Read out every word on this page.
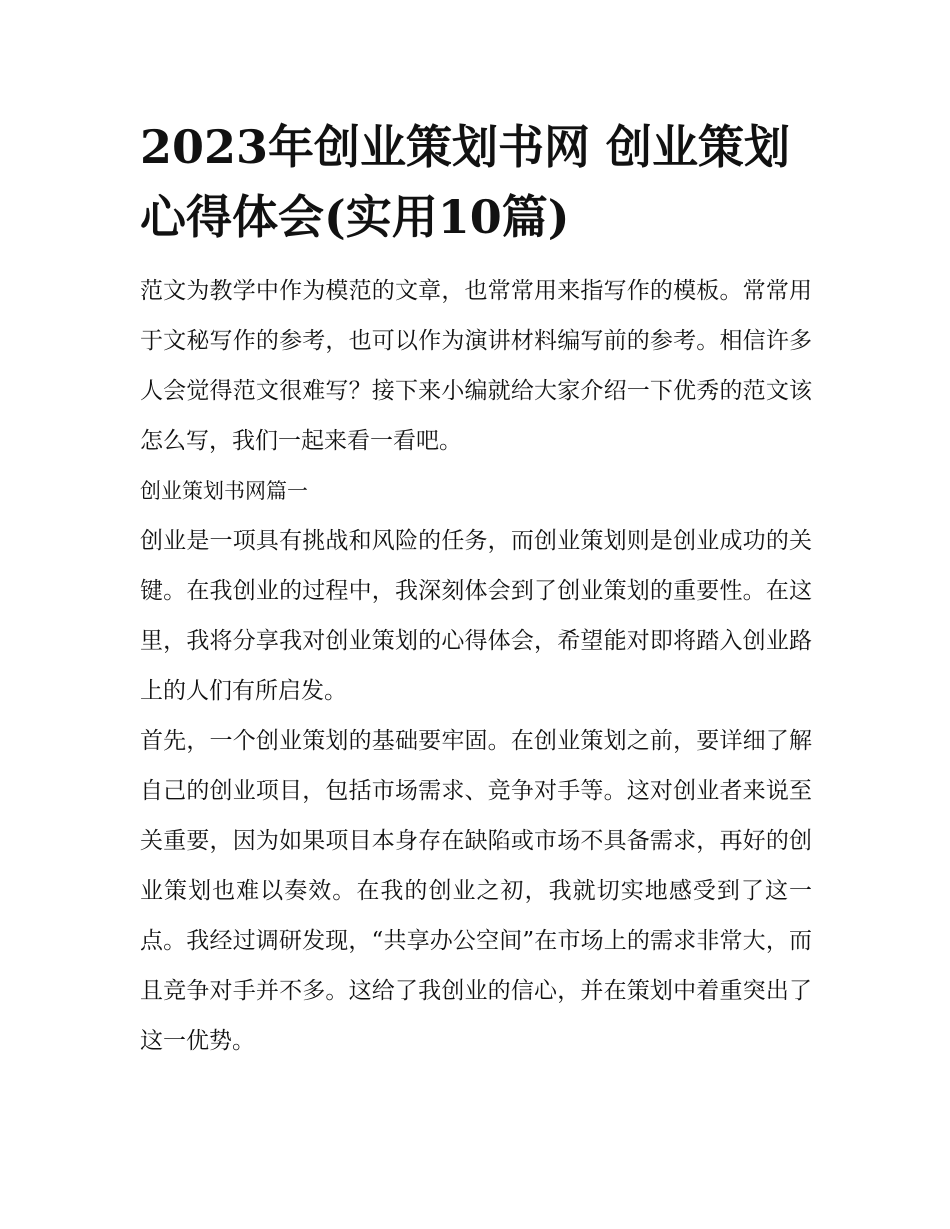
2023年创业策划书网 创业策划心得体会(实用10篇)

范文为教学中作为模范的文章，也常常用来指写作的模板。常常用于文秘写作的参考，也可以作为演讲材料编写前的参考。相信许多人会觉得范文很难写？接下来小编就给大家介绍一下优秀的范文该怎么写，我们一起来看一看吧。

创业策划书网篇一

创业是一项具有挑战和风险的任务，而创业策划则是创业成功的关键。在我创业的过程中，我深刻体会到了创业策划的重要性。在这里，我将分享我对创业策划的心得体会，希望能对即将踏入创业路上的人们有所启发。

首先，一个创业策划的基础要牢固。在创业策划之前，要详细了解自己的创业项目，包括市场需求、竞争对手等。这对创业者来说至关重要，因为如果项目本身存在缺陷或市场不具备需求，再好的创业策划也难以奏效。在我的创业之初，我就切实地感受到了这一点。我经过调研发现，“共享办公空间”在市场上的需求非常大，而且竞争对手并不多。这给了我创业的信心，并在策划中着重突出了这一优势。
